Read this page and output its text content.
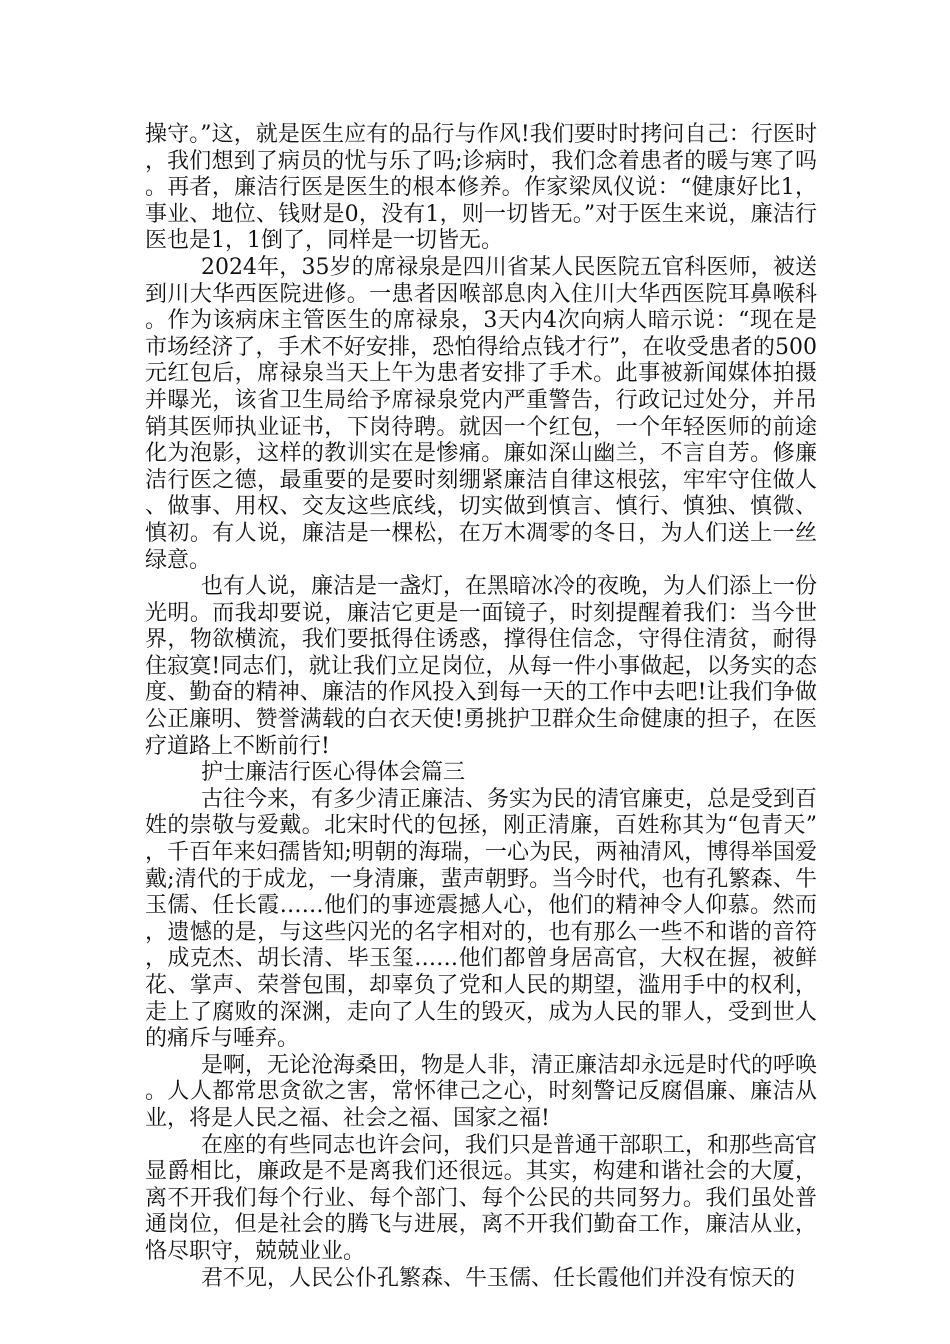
操守。”这，就是医生应有的品行与作风!我们要时时拷问自己：行医时，我们想到了病员的忧与乐了吗;诊病时，我们念着患者的暖与寒了吗。再者，廉洁行医是医生的根本修养。作家梁凤仪说：“健康好比1，事业、地位、钱财是0，没有1，则一切皆无。”对于医生来说，廉洁行医也是1，1倒了，同样是一切皆无。

2024年，35岁的席禄泉是四川省某人民医院五官科医师，被送到川大华西医院进修。一患者因喉部息肉入住川大华西医院耳鼻喉科。作为该病床主管医生的席禄泉，3天内4次向病人暗示说：“现在是市场经济了，手术不好安排，恐怕得给点钱才行”，在收受患者的500元红包后，席禄泉当天上午为患者安排了手术。此事被新闻媒体拍摄并曝光，该省卫生局给予席禄泉党内严重警告，行政记过处分，并吊销其医师执业证书，下岗待聘。就因一个红包，一个年轻医师的前途化为泡影，这样的教训实在是惨痛。廉如深山幽兰，不言自芳。修廉洁行医之德，最重要的是要时刻绷紧廉洁自律这根弦，牢牢守住做人、做事、用权、交友这些底线，切实做到慎言、慎行、慎独、慎微、慎初。有人说，廉洁是一棵松，在万木凋零的冬日，为人们送上一丝绿意。

也有人说，廉洁是一盏灯，在黑暗冰冷的夜晚，为人们添上一份光明。而我却要说，廉洁它更是一面镜子，时刻提醒着我们：当今世界，物欲横流，我们要抵得住诱惑，撑得住信念，守得住清贫，耐得住寂寞!同志们，就让我们立足岗位，从每一件小事做起，以务实的态度、勤奋的精神、廉洁的作风投入到每一天的工作中去吧!让我们争做公正廉明、赞誉满载的白衣天使!勇挑护卫群众生命健康的担子，在医疗道路上不断前行!

护士廉洁行医心得体会篇三

古往今来，有多少清正廉洁、务实为民的清官廉吏，总是受到百姓的崇敬与爱戴。北宋时代的包拯，刚正清廉，百姓称其为“包青天”，千百年来妇孺皆知;明朝的海瑞，一心为民，两袖清风，博得举国爱戴;清代的于成龙，一身清廉，蜚声朝野。当今时代，也有孔繁森、牛玉儒、任长霞……他们的事迹震撼人心，他们的精神令人仰慕。然而，遗憾的是，与这些闪光的名字相对的，也有那么一些不和谐的音符，成克杰、胡长清、毕玉玺……他们都曾身居高官，大权在握，被鲜花、掌声、荣誉包围，却辜负了党和人民的期望，滥用手中的权利，走上了腐败的深渊，走向了人生的毁灭，成为人民的罪人，受到世人的痛斥与唾弃。

是啊，无论沧海桑田，物是人非，清正廉洁却永远是时代的呼唤。人人都常思贪欲之害，常怀律己之心，时刻警记反腐倡廉、廉洁从业，将是人民之福、社会之福、国家之福!

在座的有些同志也许会问，我们只是普通干部职工，和那些高官显爵相比，廉政是不是离我们还很远。其实，构建和谐社会的大厦，离不开我们每个行业、每个部门、每个公民的共同努力。我们虽处普通岗位，但是社会的腾飞与进展，离不开我们勤奋工作，廉洁从业，恪尽职守，兢兢业业。

君不见，人民公仆孔繁森、牛玉儒、任长霞他们并没有惊天的
